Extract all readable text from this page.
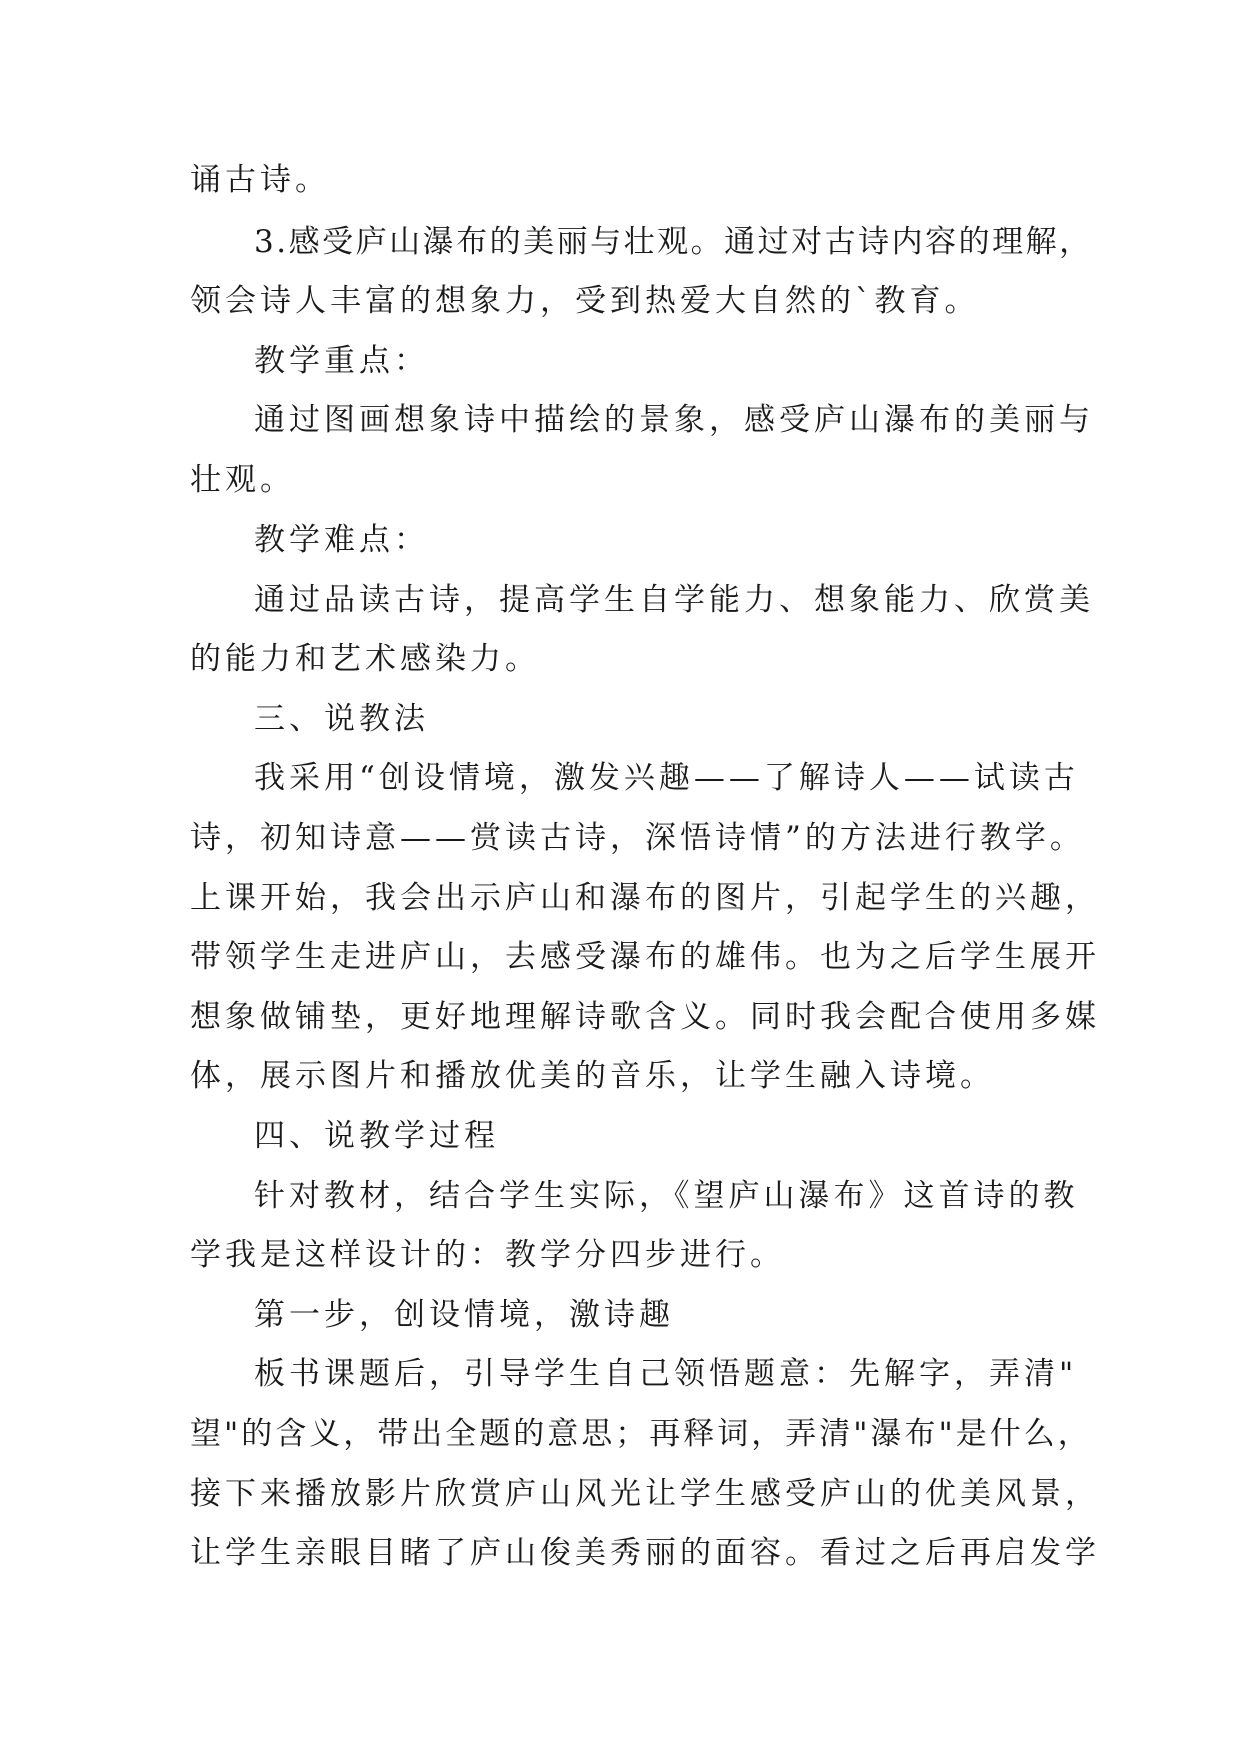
诵古诗。
3.感受庐山瀑布的美丽与壮观。通过对古诗内容的理解，
领会诗人丰富的想象力，受到热爱大自然的`教育。
教学重点：
通过图画想象诗中描绘的景象，感受庐山瀑布的美丽与
壮观。
教学难点：
通过品读古诗，提高学生自学能力、想象能力、欣赏美
的能力和艺术感染力。
三、说教法
我采用“创设情境，激发兴趣——了解诗人——试读古
诗，初知诗意——赏读古诗，深悟诗情”的方法进行教学。
上课开始，我会出示庐山和瀑布的图片，引起学生的兴趣，
带领学生走进庐山，去感受瀑布的雄伟。也为之后学生展开
想象做铺垫，更好地理解诗歌含义。同时我会配合使用多媒
体，展示图片和播放优美的音乐，让学生融入诗境。
四、说教学过程
针对教材，结合学生实际，《望庐山瀑布》这首诗的教
学我是这样设计的：教学分四步进行。
第一步，创设情境，激诗趣
板书课题后，引导学生自己领悟题意：先解字，弄清"
望"的含义，带出全题的意思；再释词，弄清"瀑布"是什么，
接下来播放影片欣赏庐山风光让学生感受庐山的优美风景，
让学生亲眼目睹了庐山俊美秀丽的面容。看过之后再启发学
